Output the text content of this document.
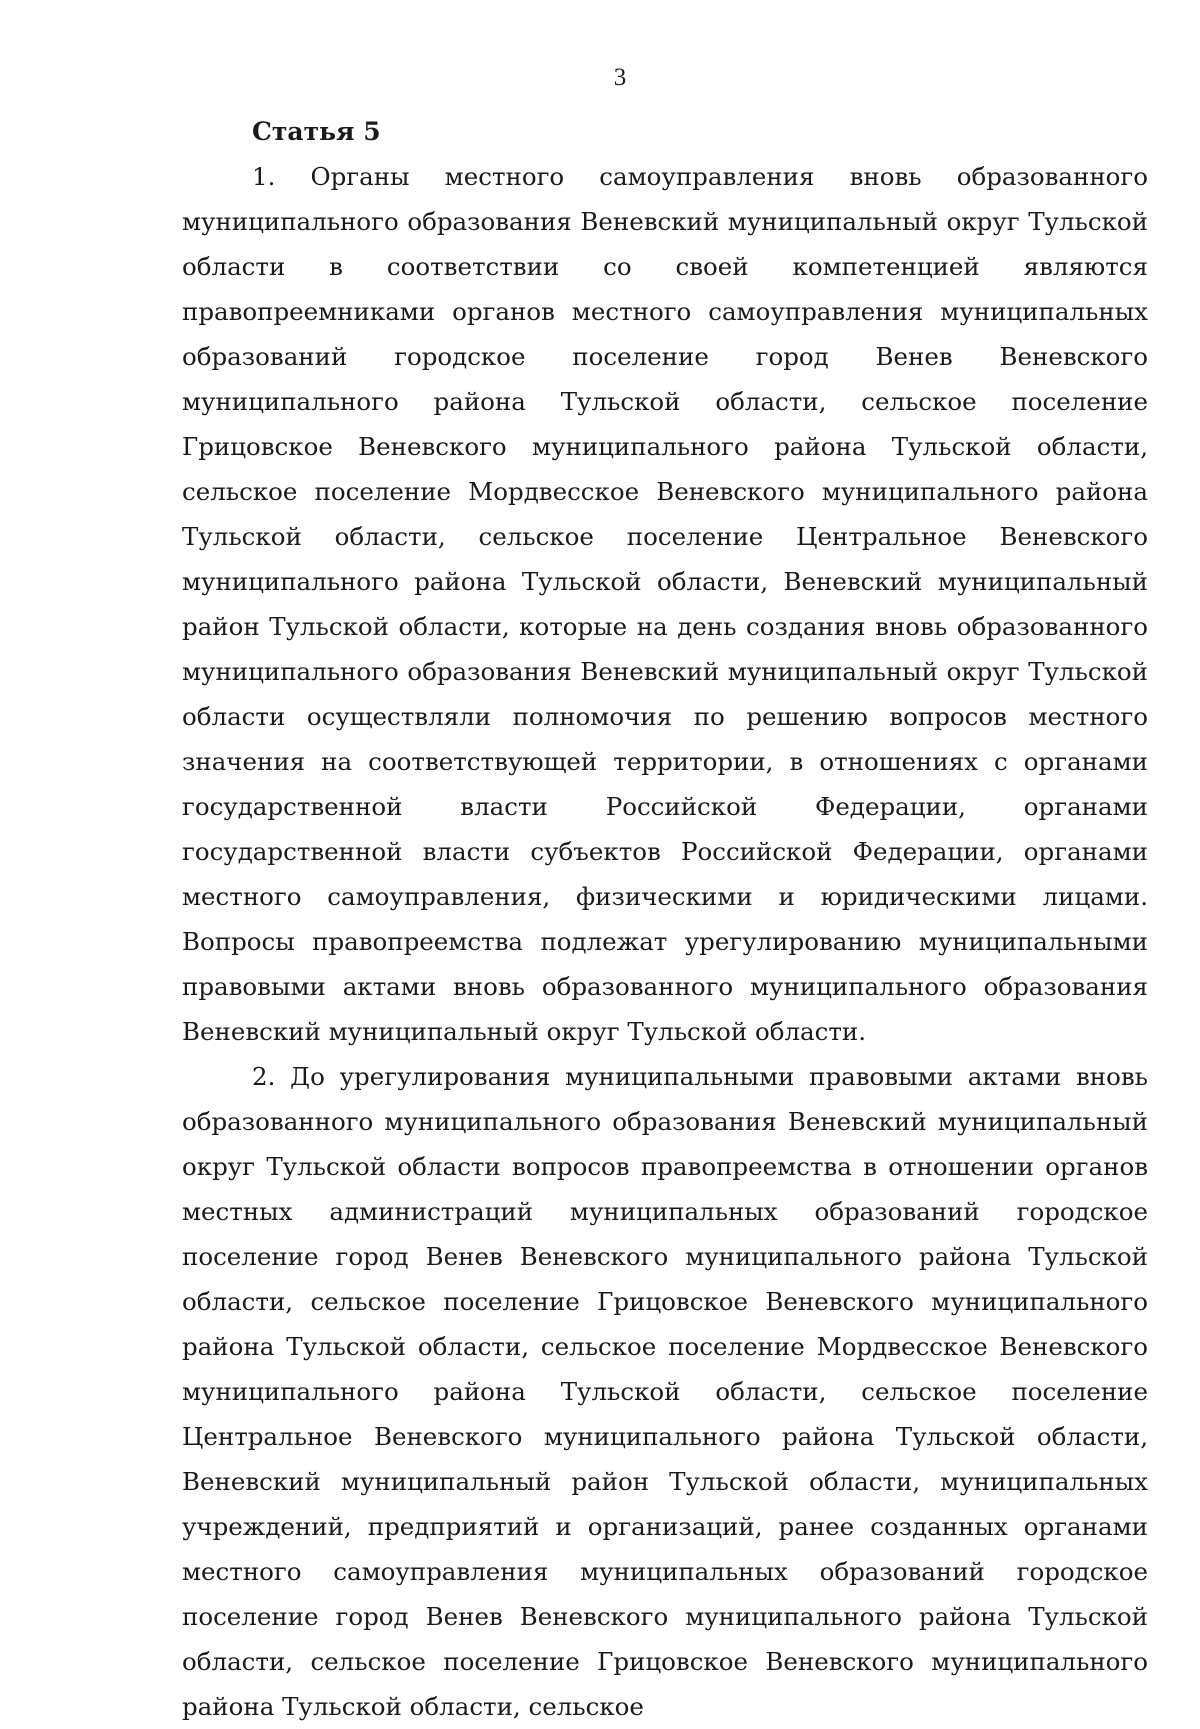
3
Статья 5

1. Органы местного самоуправления вновь образованного муниципального образования Веневский муниципальный округ Тульской области в соответствии со своей компетенцией являются правопреемниками органов местного самоуправления муниципальных образований городское поселение город Венев Веневского муниципального района Тульской области, сельское поселение Грицовское Веневского муниципального района Тульской области, сельское поселение Мордвесское Веневского муниципального района Тульской области, сельское поселение Центральное Веневского муниципального района Тульской области, Веневский муниципальный район Тульской области, которые на день создания вновь образованного муниципального образования Веневский муниципальный округ Тульской области осуществляли полномочия по решению вопросов местного значения на соответствующей территории, в отношениях с органами государственной власти Российской Федерации, органами государственной власти субъектов Российской Федерации, органами местного самоуправления, физическими и юридическими лицами. Вопросы правопреемства подлежат урегулированию муниципальными правовыми актами вновь образованного муниципального образования Веневский муниципальный округ Тульской области.

2. До урегулирования муниципальными правовыми актами вновь образованного муниципального образования Веневский муниципальный округ Тульской области вопросов правопреемства в отношении органов местных администраций муниципальных образований городское поселение город Венев Веневского муниципального района Тульской области, сельское поселение Грицовское Веневского муниципального района Тульской области, сельское поселение Мордвесское Веневского муниципального района Тульской области, сельское поселение Центральное Веневского муниципального района Тульской области, Веневский муниципальный район Тульской области, муниципальных учреждений, предприятий и организаций, ранее созданных органами местного самоуправления муниципальных образований городское поселение город Венев Веневского муниципального района Тульской области, сельское поселение Грицовское Веневского муниципального района Тульской области, сельское
